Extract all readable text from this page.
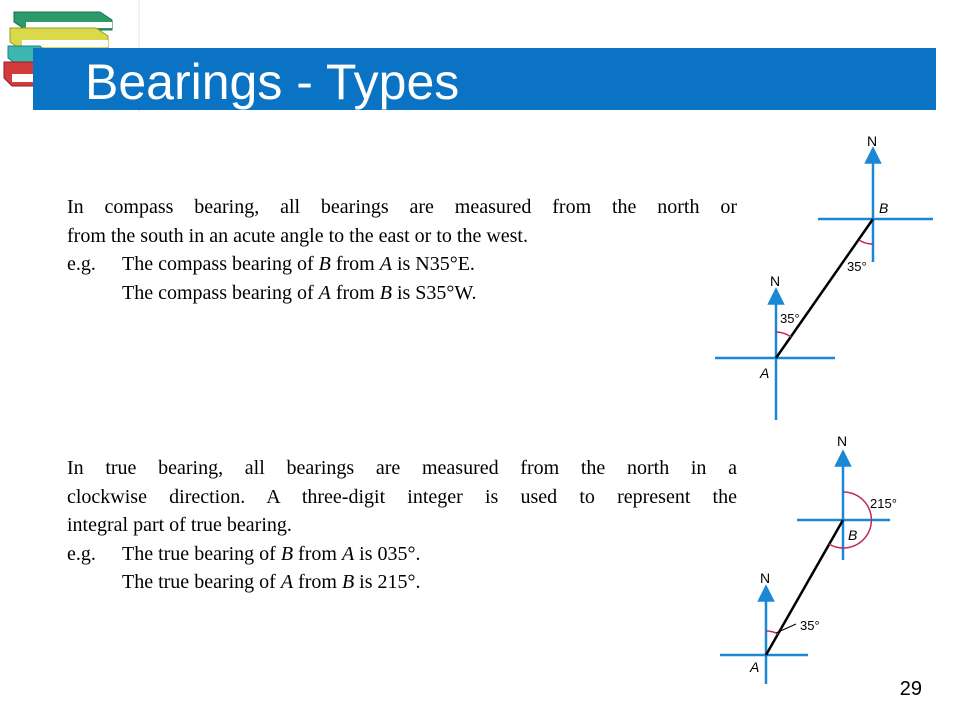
Bearings - Types
In compass bearing, all bearings are measured from the north or
from the south in an acute angle to the east or to the west.
e.g.	The compass bearing of B from A is N35°E.
The compass bearing of A from B is S35°W.
In true bearing, all bearings are measured from the north in a
clockwise direction. A three-digit integer is used to represent the
integral part of true bearing.
e.g.	The true bearing of B from A is 035°.
The true bearing of A from B is 215°.
N
N
35°
35°
A
B
N
N
35°
215°
A
B
29
